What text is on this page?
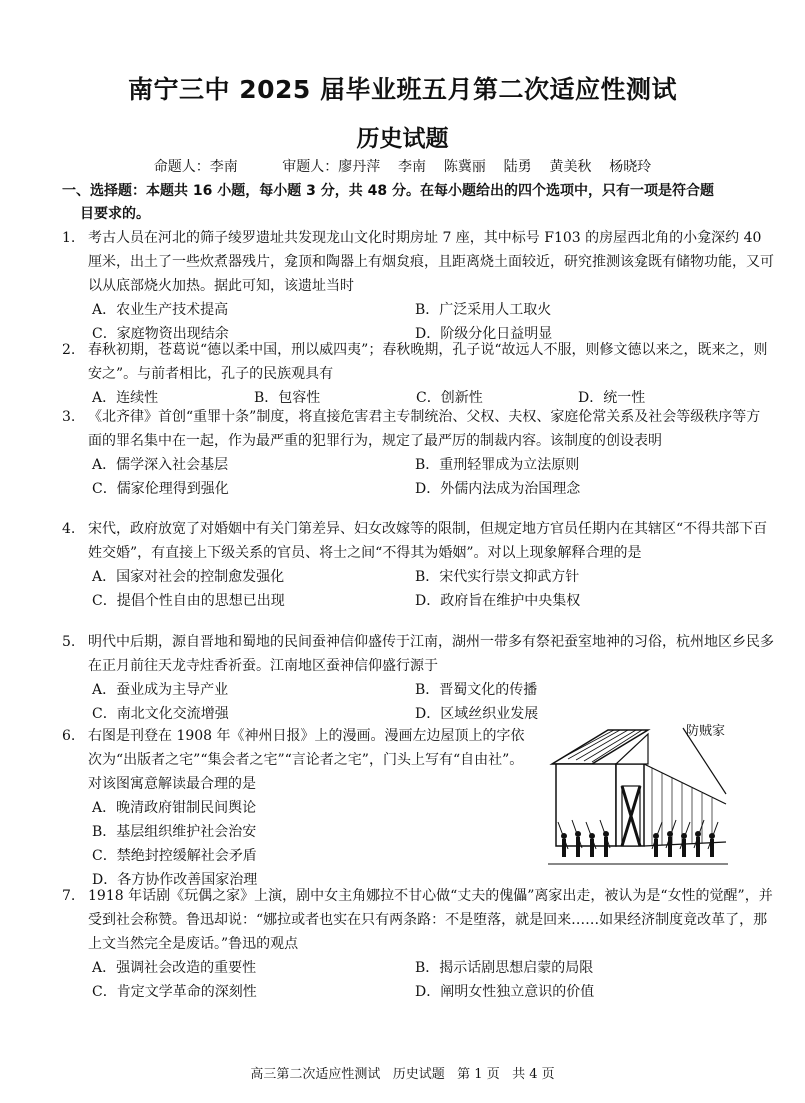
南宁三中 2025 届毕业班五月第二次适应性测试
历史试题
命题人：李南          审题人：廖丹萍    李南    陈冀丽    陆勇    黄美秋    杨晓玲
一、选择题：本题共 16 小题，每小题 3 分，共 48 分。在每小题给出的四个选项中，只有一项是符合题
目要求的。
1. 考古人员在河北的筛子绫罗遗址共发现龙山文化时期房址 7 座，其中标号 F103 的房屋西北角的小龛深约 40 厘米，出土了一些炊煮器残片，龛顶和陶器上有烟炱痕，且距离烧土面较近，研究推测该龛既有储物功能，又可以从底部烧火加热。据此可知，该遗址当时
A．农业生产技术提高	B．广泛采用人工取火
C．家庭物资出现结余	D．阶级分化日益明显
2. 春秋初期，苍葛说“德以柔中国，刑以威四夷”；春秋晚期，孔子说“故远人不服，则修文德以来之，既来之，则安之”。与前者相比，孔子的民族观具有
A．连续性	B．包容性	C．创新性	D．统一性
3. 《北齐律》首创“重罪十条”制度，将直接危害君主专制统治、父权、夫权、家庭伦常关系及社会等级秩序等方面的罪名集中在一起，作为最严重的犯罪行为，规定了最严厉的制裁内容。该制度的创设表明
A．儒学深入社会基层	B．重刑轻罪成为立法原则
C．儒家伦理得到强化	D．外儒内法成为治国理念
4. 宋代，政府放宽了对婚姻中有关门第差异、妇女改嫁等的限制，但规定地方官员任期内在其辖区“不得共部下百姓交婚”，有直接上下级关系的官员、将士之间“不得其为婚姻”。对以上现象解释合理的是
A．国家对社会的控制愈发强化	B．宋代实行崇文抑武方针
C．提倡个性自由的思想已出现	D．政府旨在维护中央集权
5. 明代中后期，源自晋地和蜀地的民间蚕神信仰盛传于江南，湖州一带多有祭祀蚕室地神的习俗，杭州地区乡民多在正月前往天龙寺炷香祈蚕。江南地区蚕神信仰盛行源于
A．蚕业成为主导产业	B．晋蜀文化的传播
C．南北文化交流增强	D．区域丝织业发展
6. 右图是刊登在 1908 年《神州日报》上的漫画。漫画左边屋顶上的字依次为“出版者之宅”“集会者之宅”“言论者之宅”，门头上写有“自由社”。对该图寓意解读最合理的是
A．晚清政府钳制民间舆论
B．基层组织维护社会治安
C．禁绝封控缓解社会矛盾
D．各方协作改善国家治理
防贼家
7. 1918 年话剧《玩偶之家》上演，剧中女主角娜拉不甘心做“丈夫的傀儡”离家出走，被认为是“女性的觉醒”，并受到社会称赞。鲁迅却说：“娜拉或者也实在只有两条路：不是堕落，就是回来……如果经济制度竟改革了，那上文当然完全是废话。”鲁迅的观点
A．强调社会改造的重要性	B．揭示话剧思想启蒙的局限
C．肯定文学革命的深刻性	D．阐明女性独立意识的价值
高三第二次适应性测试   历史试题   第 1 页   共 4 页
